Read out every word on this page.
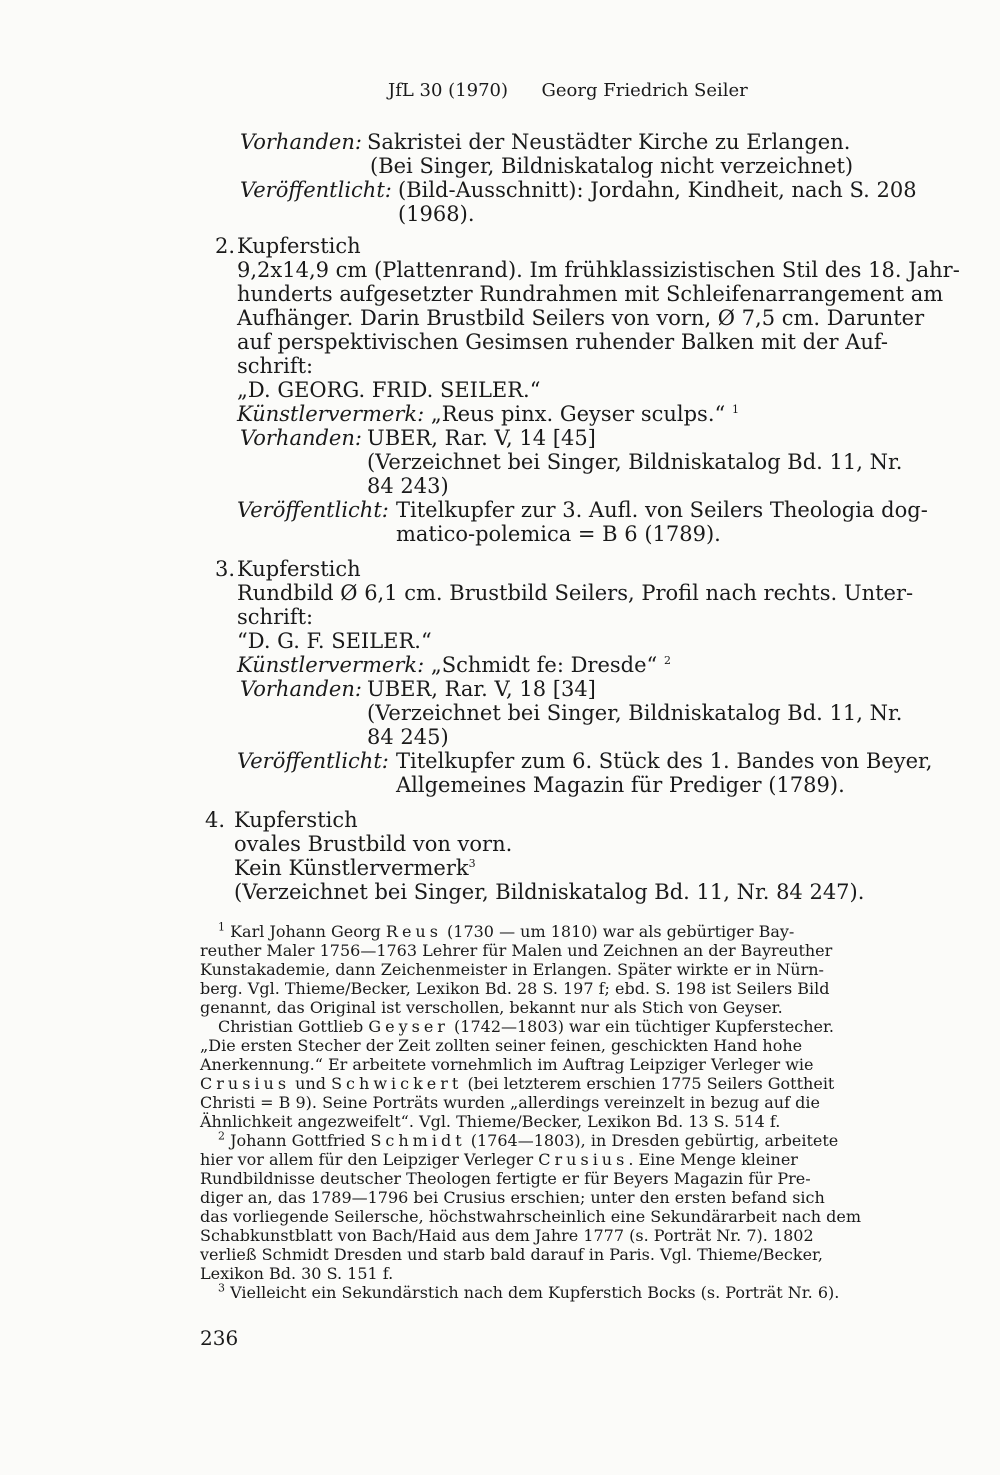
JfL 30 (1970) Georg Friedrich Seiler
Vorhanden: Sakristei der Neustädter Kirche zu Erlangen.
(Bei Singer, Bildniskatalog nicht verzeichnet)
Veröffentlicht: (Bild-Ausschnitt): Jordahn, Kindheit, nach S. 208
(1968).
2. Kupferstich
9,2x14,9 cm (Plattenrand). Im frühklassizistischen Stil des 18. Jahr-
hunderts aufgesetzter Rundrahmen mit Schleifenarrangement am
Aufhänger. Darin Brustbild Seilers von vorn, Ø 7,5 cm. Darunter
auf perspektivischen Gesimsen ruhender Balken mit der Auf-
schrift:
„D. GEORG. FRID. SEILER.“
Künstlervermerk: „Reus pinx. Geyser sculps.“ $^1$
Vorhanden: UBER, Rar. V, 14 [45]
(Verzeichnet bei Singer, Bildniskatalog Bd. 11, Nr.
84 243)
Veröffentlicht: Titelkupfer zur 3. Aufl. von Seilers Theologia dog-
matico-polemica = B 6 (1789).
3. Kupferstich
Rundbild Ø 6,1 cm. Brustbild Seilers, Profil nach rechts. Unter-
schrift:
“D. G. F. SEILER.“
Künstlervermerk: „Schmidt fe: Dresde“ $^2$
Vorhanden: UBER, Rar. V, 18 [34]
(Verzeichnet bei Singer, Bildniskatalog Bd. 11, Nr.
84 245)
Veröffentlicht: Titelkupfer zum 6. Stück des 1. Bandes von Beyer,
Allgemeines Magazin für Prediger (1789).
4. Kupferstich
ovales Brustbild von vorn.
Kein Künstlervermerk$^3$
(Verzeichnet bei Singer, Bildniskatalog Bd. 11, Nr. 84 247).
$^1$ Karl Johann Georg Reus (1730 — um 1810) war als gebürtiger Bay-
reuther Maler 1756—1763 Lehrer für Malen und Zeichnen an der Bayreuther
Kunstakademie, dann Zeichenmeister in Erlangen. Später wirkte er in Nürn-
berg. Vgl. Thieme/Becker, Lexikon Bd. 28 S. 197 f; ebd. S. 198 ist Seilers Bild
genannt, das Original ist verschollen, bekannt nur als Stich von Geyser.
Christian Gottlieb Geyser (1742—1803) war ein tüchtiger Kupferstecher.
„Die ersten Stecher der Zeit zollten seiner feinen, geschickten Hand hohe
Anerkennung.“ Er arbeitete vornehmlich im Auftrag Leipziger Verleger wie
Crusius und Schwickert (bei letzterem erschien 1775 Seilers Gottheit
Christi = B 9). Seine Porträts wurden „allerdings vereinzelt in bezug auf die
Ähnlichkeit angezweifelt“. Vgl. Thieme/Becker, Lexikon Bd. 13 S. 514 f.
$^2$ Johann Gottfried Schmidt (1764—1803), in Dresden gebürtig, arbeitete
hier vor allem für den Leipziger Verleger Crusius. Eine Menge kleiner
Rundbildnisse deutscher Theologen fertigte er für Beyers Magazin für Pre-
diger an, das 1789—1796 bei Crusius erschien; unter den ersten befand sich
das vorliegende Seilersche, höchstwahrscheinlich eine Sekundärarbeit nach dem
Schabkunstblatt von Bach/Haid aus dem Jahre 1777 (s. Porträt Nr. 7). 1802
verließ Schmidt Dresden und starb bald darauf in Paris. Vgl. Thieme/Becker,
Lexikon Bd. 30 S. 151 f.
$^3$ Vielleicht ein Sekundärstich nach dem Kupferstich Bocks (s. Porträt Nr. 6).
236
